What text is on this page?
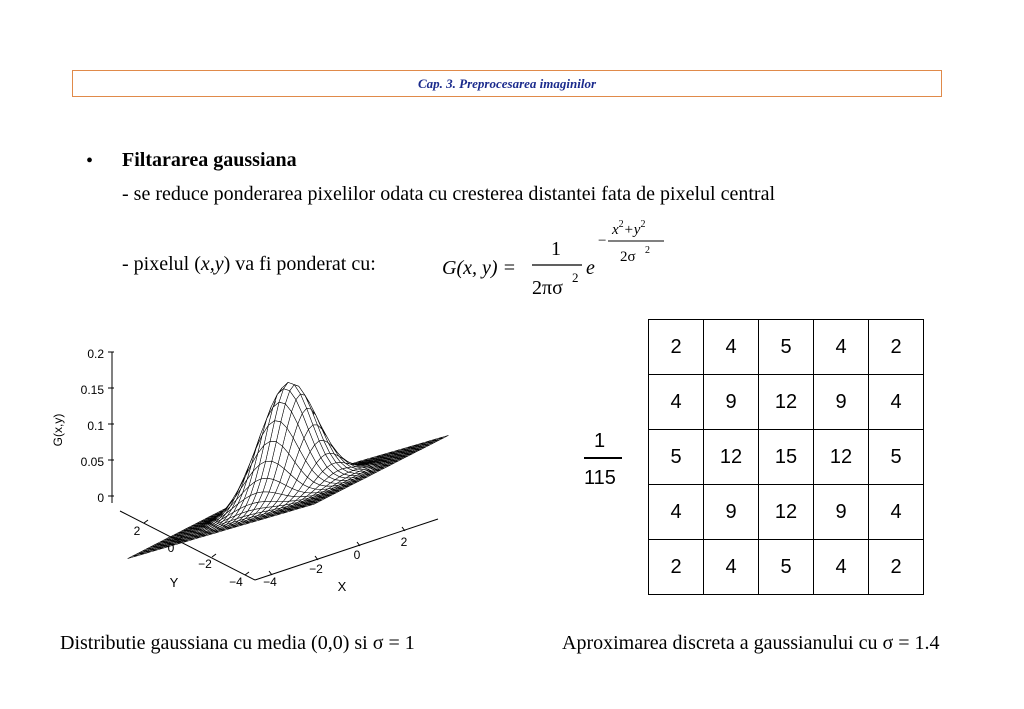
Cap. 3. Preprocesarea imaginilor
• Filtararea gaussiana
- se reduce ponderarea pixelilor odata cu cresterea distantei fata de pixelul central
- pixelul (x,y) va fi ponderat cu:	G(x, y) =
1
2πσ 2 e
−
$x^2+y^2$
2σ 2
G(x,y)
0.2
0.15
0.1
0.05
0
2
0
−2
−4
Y	−4
−2
0
2
X
1
115
2	4	5	4	2
4	9	12	9	4
5	12	15	12	5
4	9	12	9	4
2	4	5	4	2
Distributie gaussiana cu media (0,0) si σ = 1	Aproximarea discreta a gaussianului cu σ = 1.4
